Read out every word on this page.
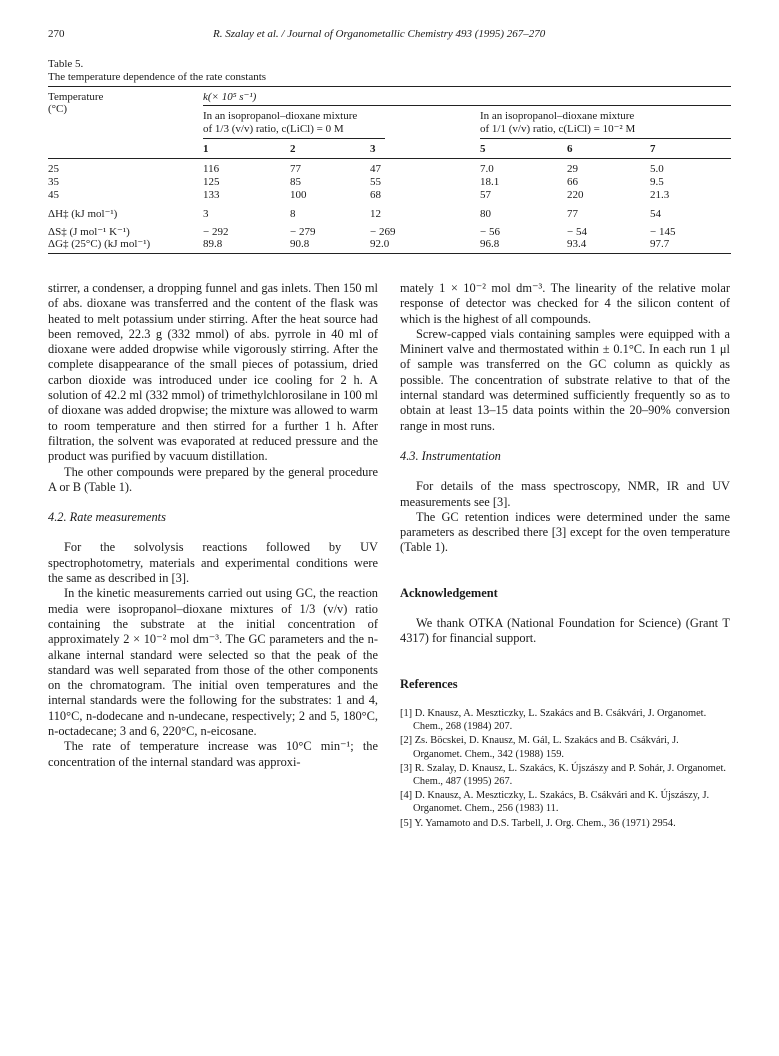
270	R. Szalay et al. / Journal of Organometallic Chemistry 493 (1995) 267–270
Table 5.
The temperature dependence of the rate constants
Temperature
(°C)
k(× 10⁵ s⁻¹)
In an isopropanol–dioxane mixture
of 1/3 (v/v) ratio, c(LiCl) = 0 M
In an isopropanol–dioxane mixture
of 1/1 (v/v) ratio, c(LiCl) = 10⁻² M
1	2	3	5	6	7
25	116	77	47	7.0	29	5.0
35	125	85	55	18.1	66	9.5
45	133	100	68	57	220	21.3
ΔH‡ (kJ mol⁻¹)	3	8	12	80	77	54
ΔS‡ (J mol⁻¹ K⁻¹)	− 292	− 279	− 269	− 56	− 54	− 145
ΔG‡ (25°C) (kJ mol⁻¹)	89.8	90.8	92.0	96.8	93.4	97.7

stirrer, a condenser, a dropping funnel and gas inlets. Then 150 ml of abs. dioxane was transferred and the content of the flask was heated to melt potassium under stirring. After the heat source had been removed, 22.3 g (332 mmol) of abs. pyrrole in 40 ml of dioxane were added dropwise while vigorously stirring. After the complete disappearance of the small pieces of potassium, dried carbon dioxide was introduced under ice cooling for 2 h. A solution of 42.2 ml (332 mmol) of trimethylchlorosilane in 100 ml of dioxane was added dropwise; the mixture was allowed to warm to room temperature and then stirred for a further 1 h. After filtration, the solvent was evaporated at reduced pressure and the product was purified by vacuum distillation.

The other compounds were prepared by the general procedure A or B (Table 1).

4.2. Rate measurements

For the solvolysis reactions followed by UV spectrophotometry, materials and experimental conditions were the same as described in [3].

In the kinetic measurements carried out using GC, the reaction media were isopropanol–dioxane mixtures of 1/3 (v/v) ratio containing the substrate at the initial concentration of approximately 2 × 10⁻² mol dm⁻³. The GC parameters and the n-alkane internal standard were selected so that the peak of the standard was well separated from those of the other components on the chromatogram. The initial oven temperatures and the internal standards were the following for the substrates: 1 and 4, 110°C, n-dodecane and n-undecane, respectively; 2 and 5, 180°C, n-octadecane; 3 and 6, 220°C, n-eicosane.

The rate of temperature increase was 10°C min⁻¹; the concentration of the internal standard was approxi-

mately 1 × 10⁻² mol dm⁻³. The linearity of the relative molar response of detector was checked for 4 the silicon content of which is the highest of all compounds.

Screw-capped vials containing samples were equipped with a Mininert valve and thermostated within ± 0.1°C. In each run 1 μl of sample was transferred on the GC column as quickly as possible. The concentration of substrate relative to that of the internal standard was determined sufficiently frequently so as to obtain at least 13–15 data points within the 20–90% conversion range in most runs.

4.3. Instrumentation

For details of the mass spectroscopy, NMR, IR and UV measurements see [3].

The GC retention indices were determined under the same parameters as described there [3] except for the oven temperature (Table 1).

Acknowledgement

We thank OTKA (National Foundation for Science) (Grant T 4317) for financial support.

References

[1] D. Knausz, A. Meszticzky, L. Szakács and B. Csákvári, J. Organomet. Chem., 268 (1984) 207.

[2] Zs. Böcskei, D. Knausz, M. Gál, L. Szakács and B. Csákvári, J. Organomet. Chem., 342 (1988) 159.

[3] R. Szalay, D. Knausz, L. Szakács, K. Újszászy and P. Sohár, J. Organomet. Chem., 487 (1995) 267.

[4] D. Knausz, A. Meszticzky, L. Szakács, B. Csákvári and K. Újszászy, J. Organomet. Chem., 256 (1983) 11.

[5] Y. Yamamoto and D.S. Tarbell, J. Org. Chem., 36 (1971) 2954.
